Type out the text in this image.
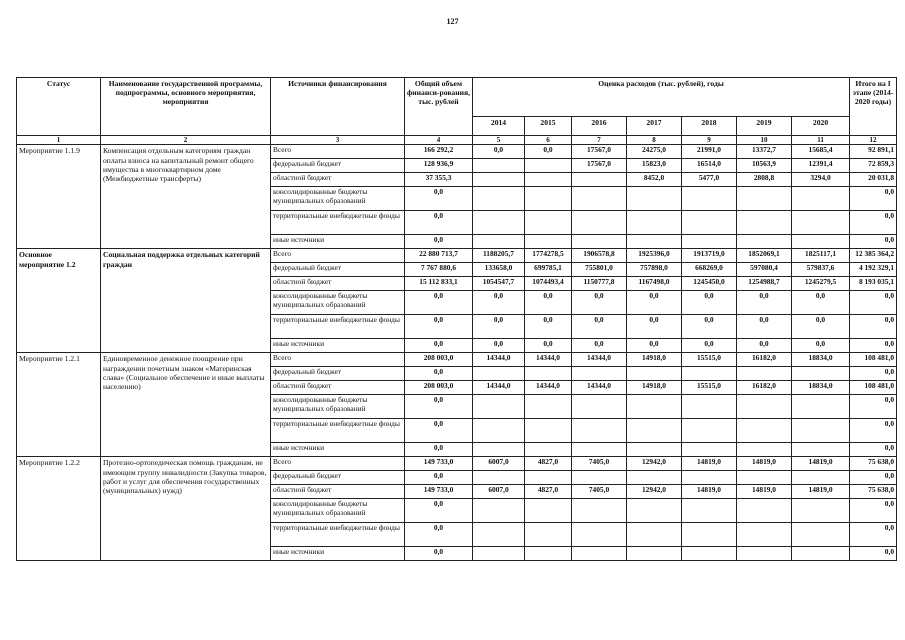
127
Статус	Наименование государственной программы, подпрограммы, основного мероприятия, мероприятия	Источники финансирования	Общий объем финанси-рования, тыс. рублей	Оценка расходов (тыс. рублей), годы							Итого на I этапе (2014-2020 годы)
				2014	2015	2016	2017	2018	2019	2020	
1	2	3	4	5	6	7	8	9	10	11	12
Мероприятие 1.1.9	Компенсация отдельным категориям граждан оплаты взноса на капитальный ремонт общего имущества в многоквартирном доме (Межбюджетные трансферты)	Всего	166 292,2	0,0	0,0	17567,0	24275,0	21991,0	13372,7	15685,4	92 891,1
		федеральный бюджет	128 936,9			17567,0	15823,0	16514,0	10563,9	12391,4	72 859,3
		областной бюджет	37 355,3				8452,0	5477,0	2808,8	3294,0	20 031,8
		консолидированные бюджеты муниципальных образований	0,0								0,0
		территориальные внебюджетные фонды	0,0								0,0
		иные источники	0,0								0,0
Основное мероприятие 1.2	Социальная поддержка отдельных категорий граждан	Всего	22 880 713,7	1188205,7	1774278,5	1906578,8	1925396,0	1913719,0	1852069,1	1825117,1	12 385 364,2
		федеральный бюджет	7 767 880,6	133658,0	699785,1	755801,0	757898,0	668269,0	597080,4	579837,6	4 192 329,1
		областной бюджет	15 112 833,1	1054547,7	1074493,4	1150777,8	1167498,0	1245450,0	1254988,7	1245279,5	8 193 035,1
		консолидированные бюджеты муниципальных образований	0,0	0,0	0,0	0,0	0,0	0,0	0,0	0,0	0,0
		территориальные внебюджетные фонды	0,0	0,0	0,0	0,0	0,0	0,0	0,0	0,0	0,0
		иные источники	0,0	0,0	0,0	0,0	0,0	0,0	0,0	0,0	0,0
Мероприятие 1.2.1	Единовременное денежное поощрение при награждении почетным знаком «Материнская слава» (Социальное обеспечение и иные выплаты населению)	Всего	208 003,0	14344,0	14344,0	14344,0	14918,0	15515,0	16182,0	18834,0	108 481,0
		федеральный бюджет	0,0								0,0
		областной бюджет	208 003,0	14344,0	14344,0	14344,0	14918,0	15515,0	16182,0	18834,0	108 481,0
		консолидированные бюджеты муниципальных образований	0,0								0,0
		территориальные внебюджетные фонды	0,0								0,0
		иные источники	0,0								0,0
Мероприятие 1.2.2	Протезно-ортопедическая помощь гражданам, не имеющим группу инвалидности (Закупка товаров, работ и услуг для обеспечения государственных (муниципальных) нужд)	Всего	149 733,0	6007,0	4827,0	7405,0	12942,0	14819,0	14819,0	14819,0	75 638,0
		федеральный бюджет	0,0								0,0
		областной бюджет	149 733,0	6007,0	4827,0	7405,0	12942,0	14819,0	14819,0	14819,0	75 638,0
		консолидированные бюджеты муниципальных образований	0,0								0,0
		территориальные внебюджетные фонды	0,0								0,0
		иные источники	0,0								0,0
